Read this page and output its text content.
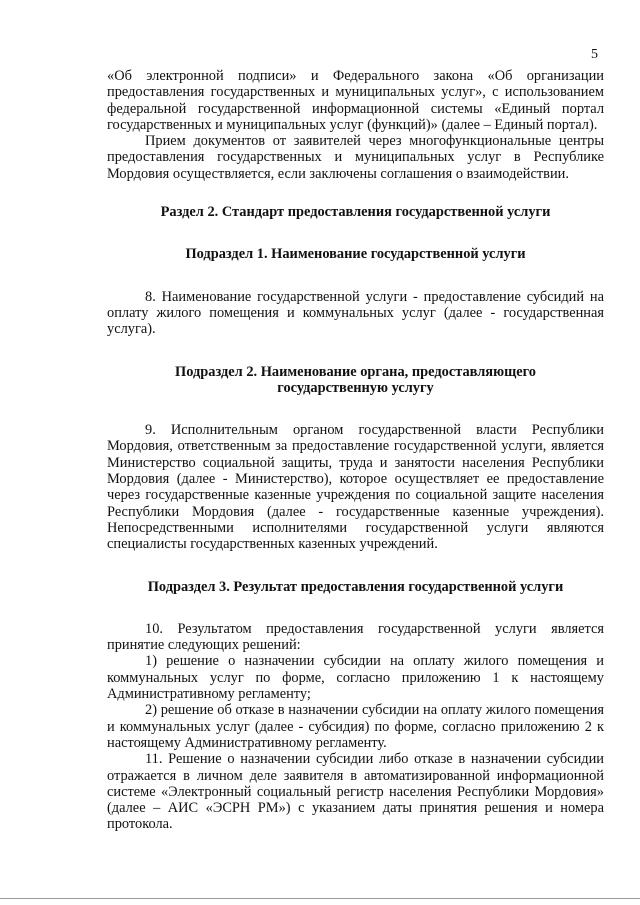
5

«Об электронной подписи» и Федерального закона «Об организации предоставления государственных и муниципальных услуг», с использованием федеральной государственной информационной системы «Единый портал государственных и муниципальных услуг (функций)» (далее – Единый портал).

Прием документов от заявителей через многофункциональные центры предоставления государственных и муниципальных услуг в Республике Мордовия осуществляется, если заключены соглашения о взаимодействии.

Раздел 2. Стандарт предоставления государственной услуги

Подраздел 1. Наименование государственной услуги

8. Наименование государственной услуги - предоставление субсидий на оплату жилого помещения и коммунальных услуг (далее - государственная услуга).

Подраздел 2. Наименование органа, предоставляющего
государственную услугу

9. Исполнительным органом государственной власти Республики Мордовия, ответственным за предоставление государственной услуги, является Министерство социальной защиты, труда и занятости населения Республики Мордовия (далее - Министерство), которое осуществляет ее предоставление через государственные казенные учреждения по социальной защите населения Республики Мордовия (далее - государственные казенные учреждения). Непосредственными исполнителями государственной услуги являются специалисты государственных казенных учреждений.

Подраздел 3. Результат предоставления государственной услуги

10. Результатом предоставления государственной услуги является принятие следующих решений:

1) решение о назначении субсидии на оплату жилого помещения и коммунальных услуг по форме, согласно приложению 1 к настоящему Административному регламенту;

2) решение об отказе в назначении субсидии на оплату жилого помещения и коммунальных услуг (далее - субсидия) по форме, согласно приложению 2 к настоящему Административному регламенту.

11. Решение о назначении субсидии либо отказе в назначении субсидии отражается в личном деле заявителя в автоматизированной информационной системе «Электронный социальный регистр населения Республики Мордовия» (далее – АИС «ЭСРН РМ») с указанием даты принятия решения и номера протокола.
